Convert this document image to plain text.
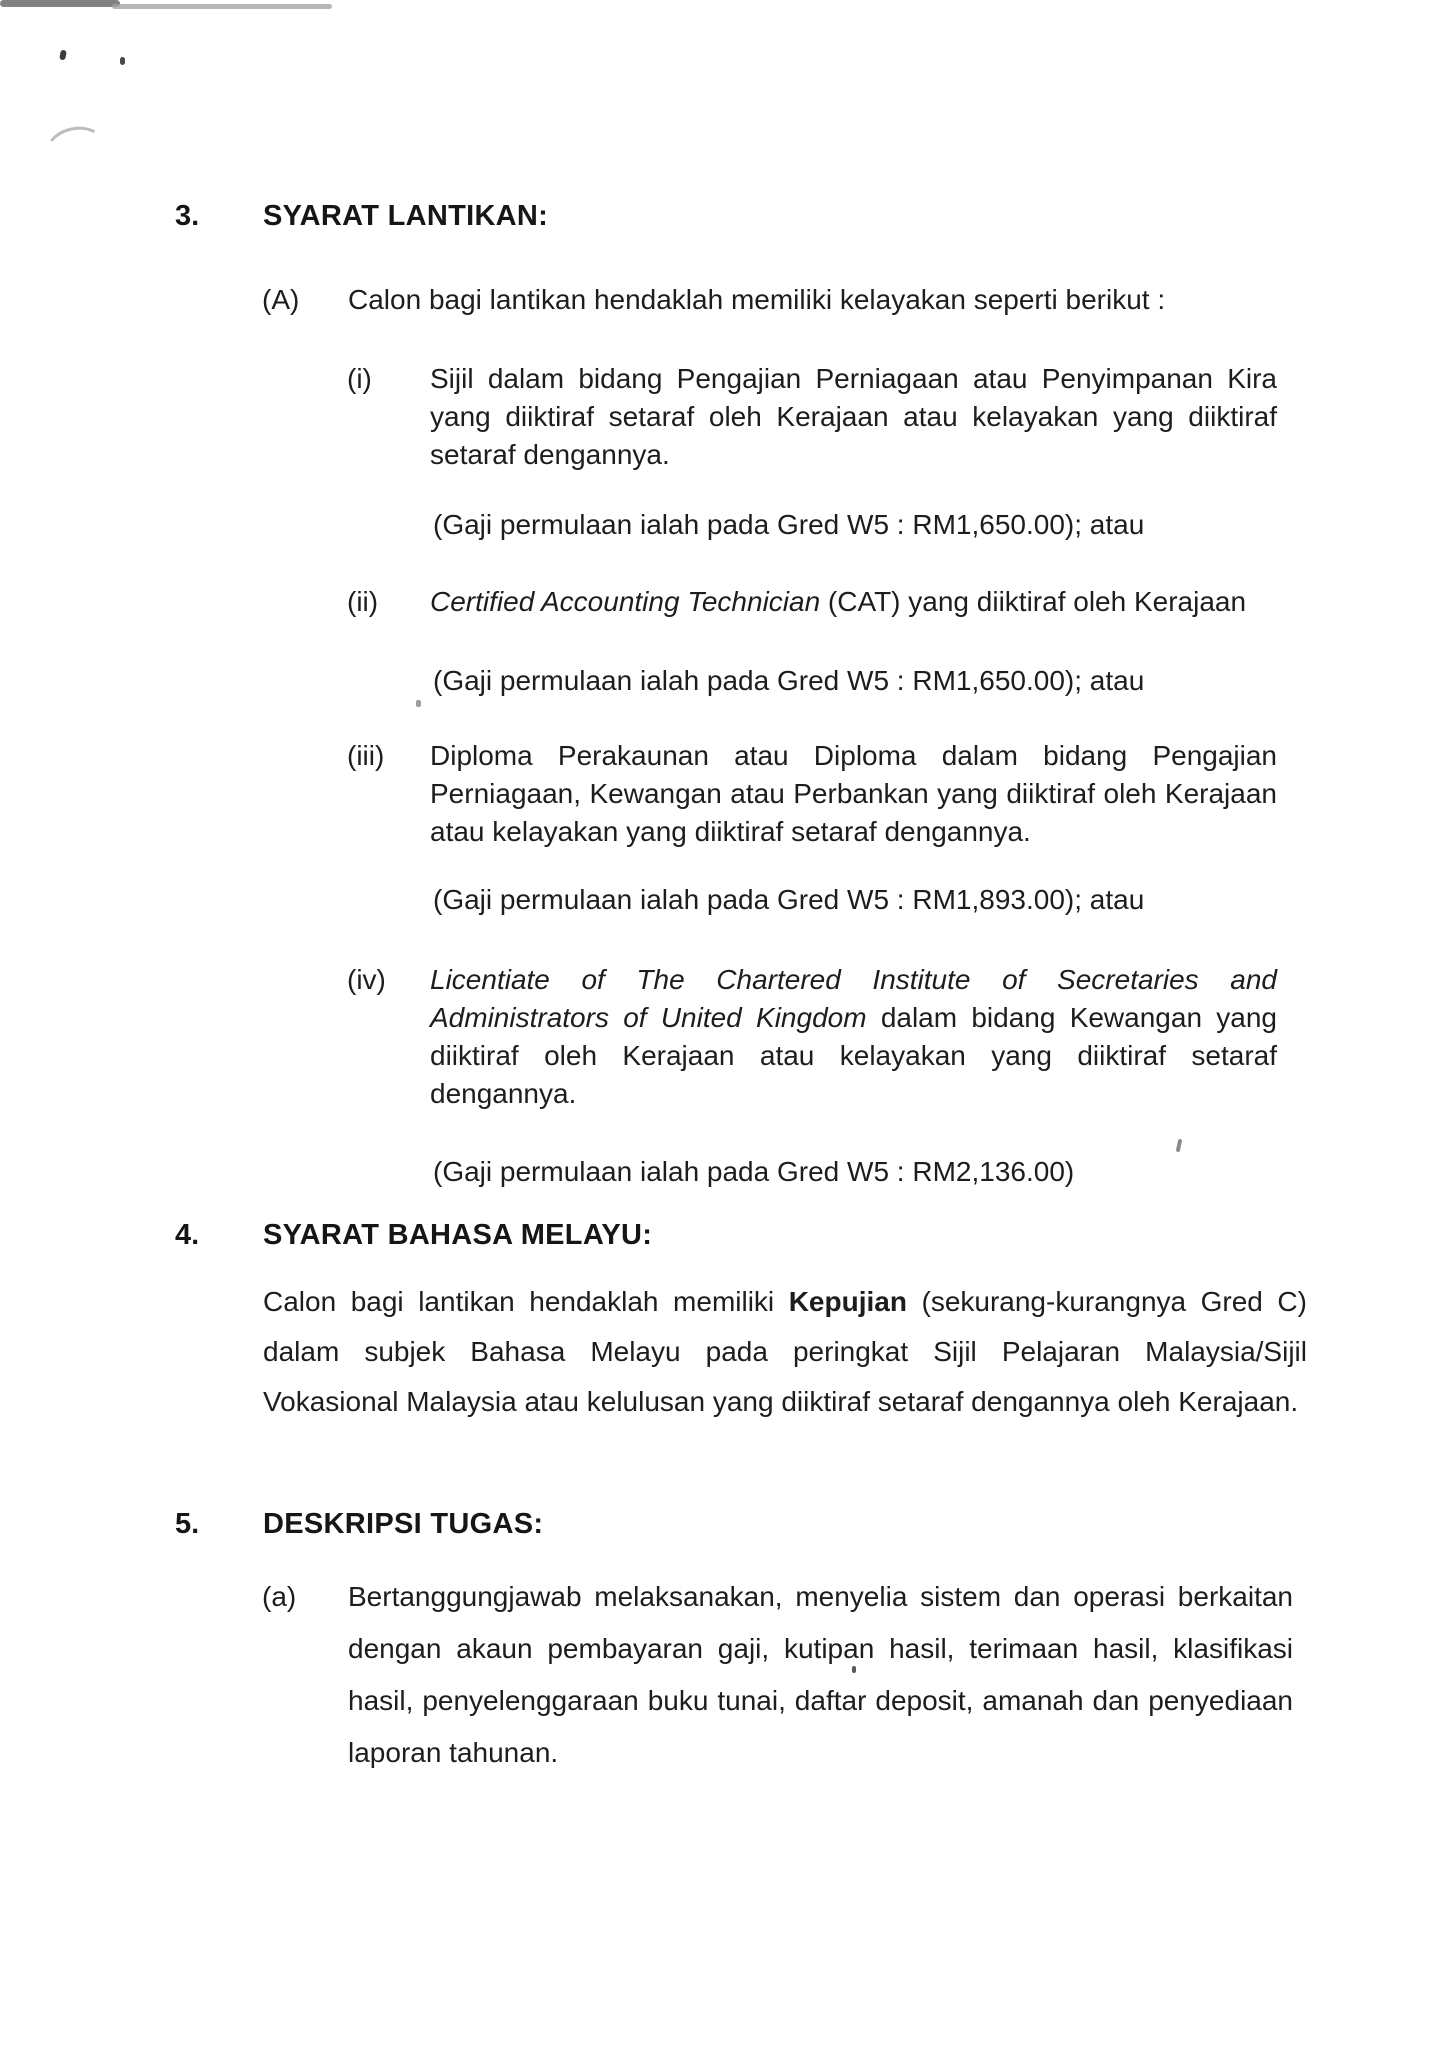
3. SYARAT LANTIKAN:
(A) Calon bagi lantikan hendaklah memiliki kelayakan seperti berikut :
(i) Sijil dalam bidang Pengajian Perniagaan atau Penyimpanan Kira yang diiktiraf setaraf oleh Kerajaan atau kelayakan yang diiktiraf setaraf dengannya.
(Gaji permulaan ialah pada Gred W5 : RM1,650.00); atau
(ii) Certified Accounting Technician (CAT) yang diiktiraf oleh Kerajaan
(Gaji permulaan ialah pada Gred W5 : RM1,650.00); atau
(iii) Diploma Perakaunan atau Diploma dalam bidang Pengajian Perniagaan, Kewangan atau Perbankan yang diiktiraf oleh Kerajaan atau kelayakan yang diiktiraf setaraf dengannya.
(Gaji permulaan ialah pada Gred W5 : RM1,893.00); atau
(iv) Licentiate of The Chartered Institute of Secretaries and Administrators of United Kingdom dalam bidang Kewangan yang diiktiraf oleh Kerajaan atau kelayakan yang diiktiraf setaraf dengannya.
(Gaji permulaan ialah pada Gred W5 : RM2,136.00)
4. SYARAT BAHASA MELAYU:
Calon bagi lantikan hendaklah memiliki Kepujian (sekurang-kurangnya Gred C) dalam subjek Bahasa Melayu pada peringkat Sijil Pelajaran Malaysia/Sijil Vokasional Malaysia atau kelulusan yang diiktiraf setaraf dengannya oleh Kerajaan.
5. DESKRIPSI TUGAS:
(a) Bertanggungjawab melaksanakan, menyelia sistem dan operasi berkaitan dengan akaun pembayaran gaji, kutipan hasil, terimaan hasil, klasifikasi hasil, penyelenggaraan buku tunai, daftar deposit, amanah dan penyediaan laporan tahunan.
